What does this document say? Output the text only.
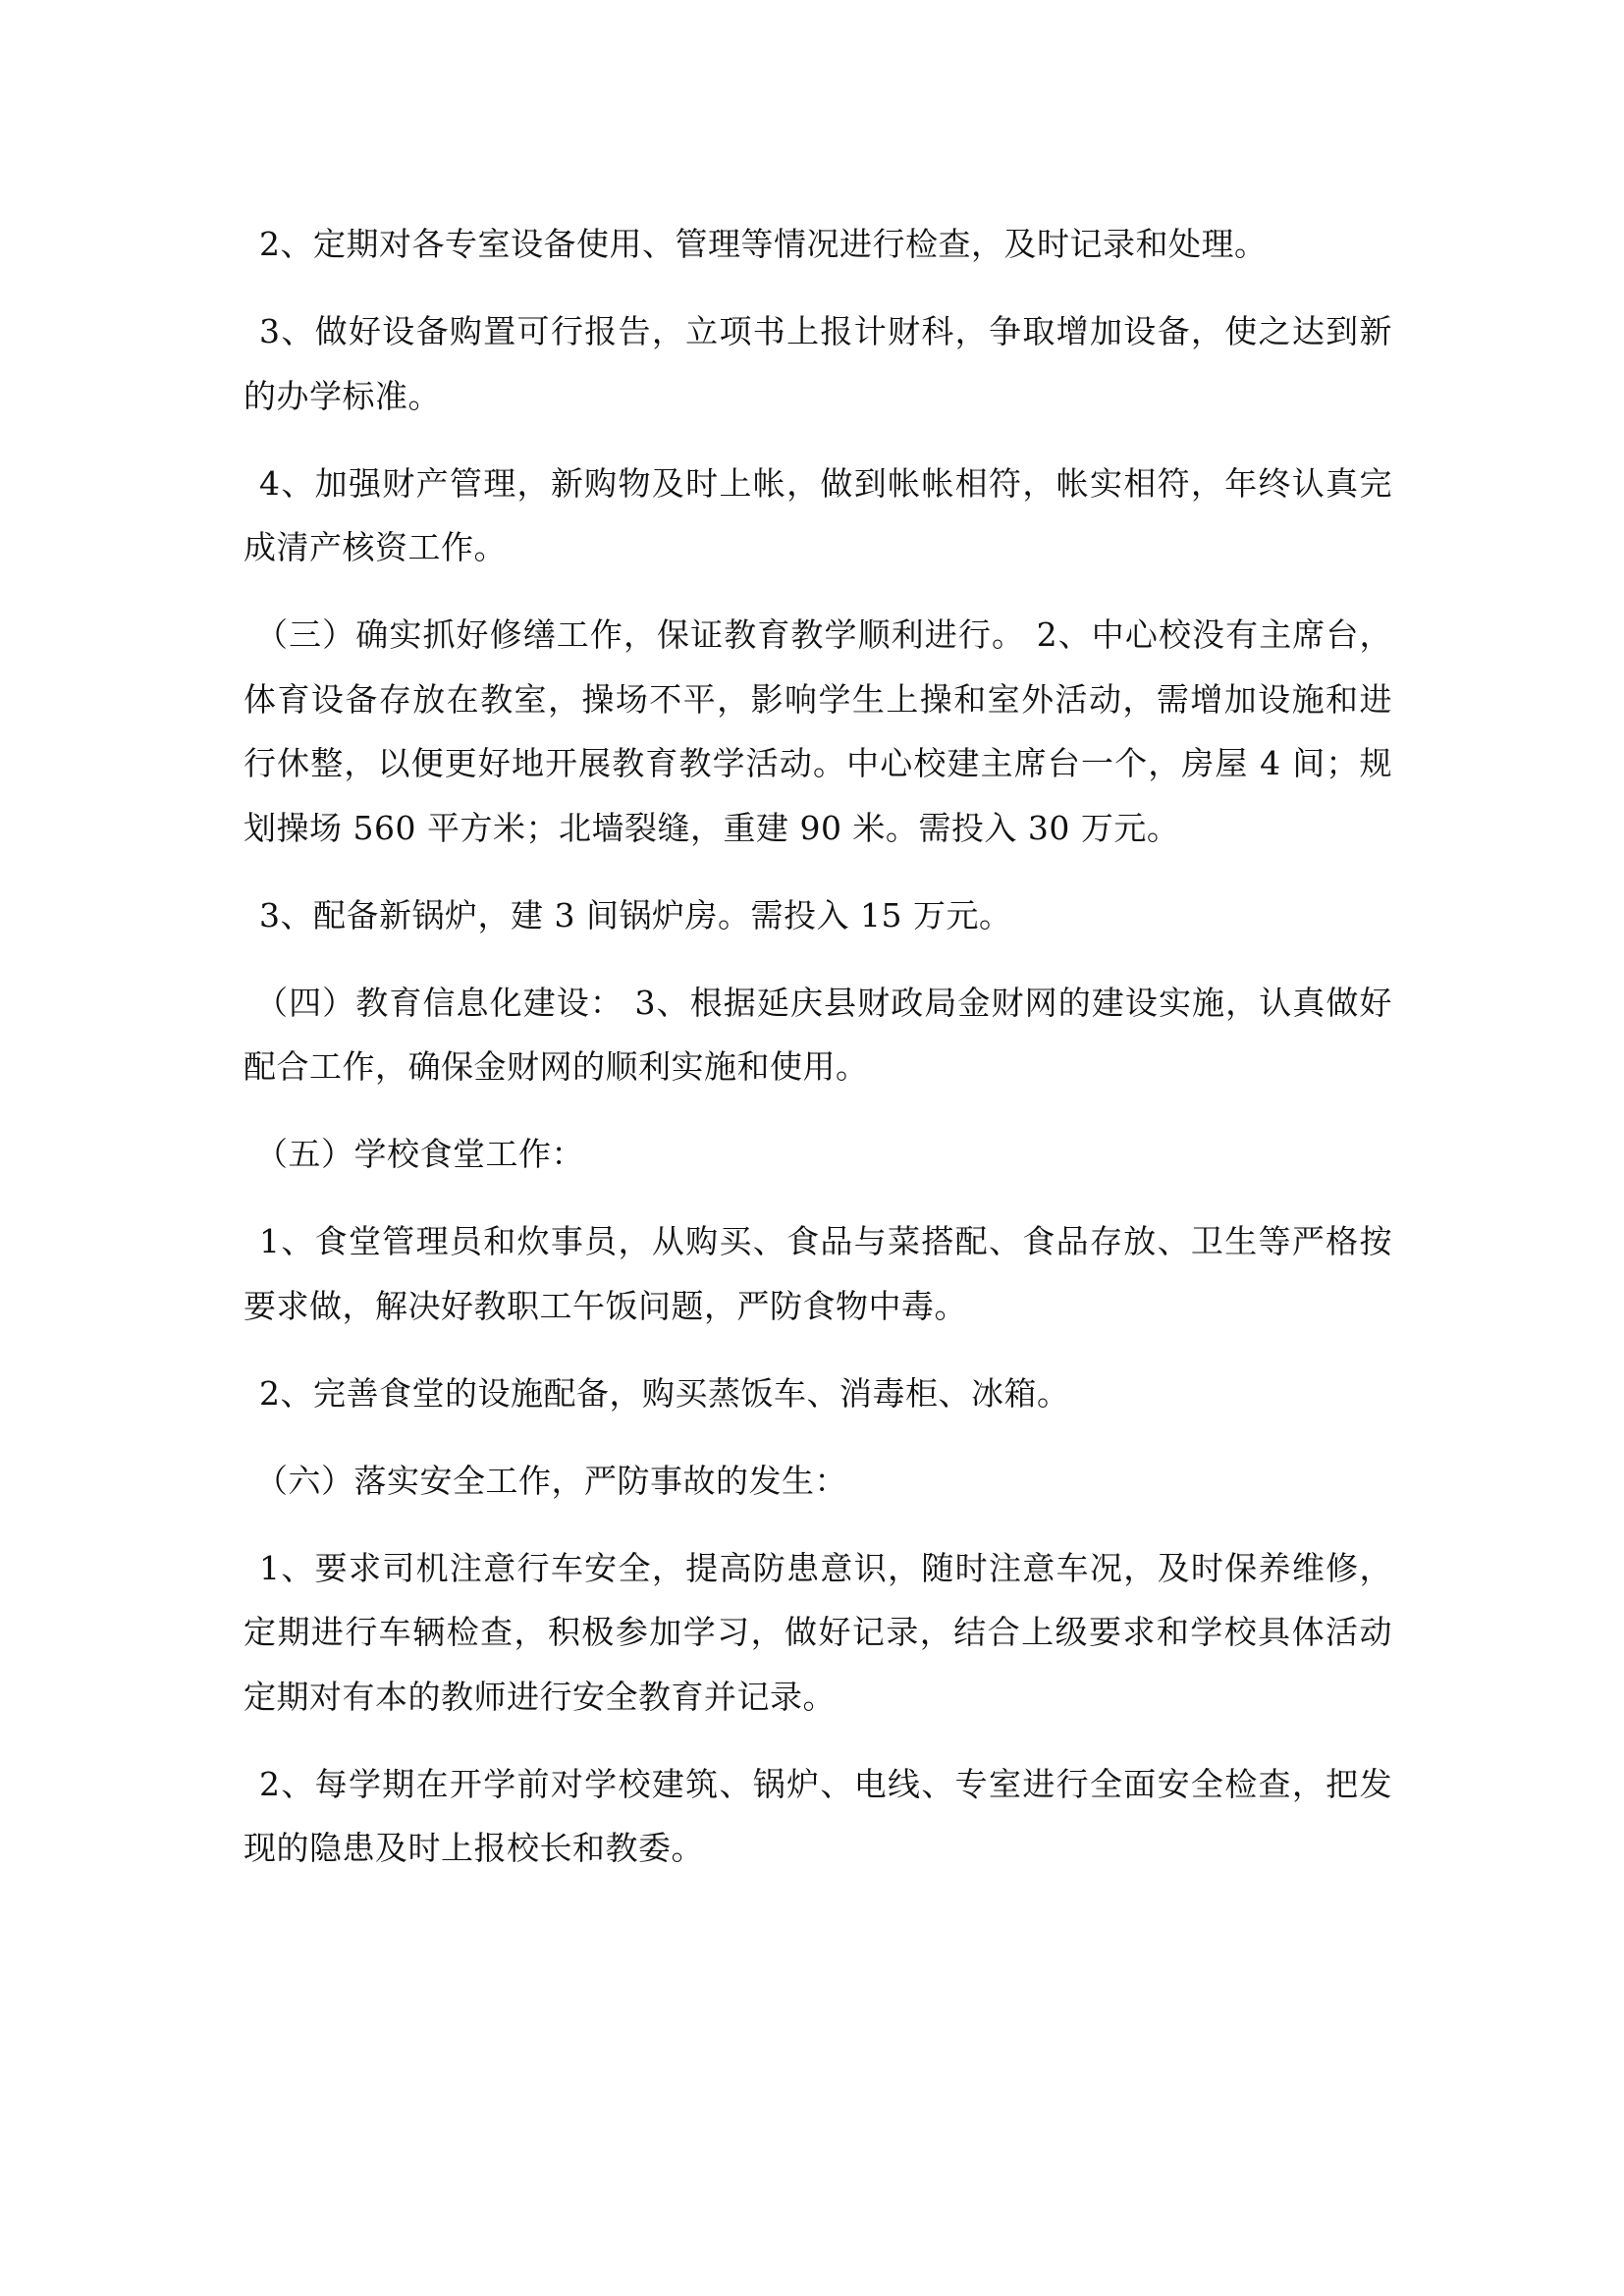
2、定期对各专室设备使用、管理等情况进行检查，及时记录和处理。

3、做好设备购置可行报告，立项书上报计财科，争取增加设备，使之达到新的办学标准。

4、加强财产管理，新购物及时上帐，做到帐帐相符，帐实相符，年终认真完成清产核资工作。

（三）确实抓好修缮工作，保证教育教学顺利进行。 2、中心校没有主席台，体育设备存放在教室，操场不平，影响学生上操和室外活动，需增加设施和进行休整，以便更好地开展教育教学活动。中心校建主席台一个，房屋 4 间；规划操场 560 平方米；北墙裂缝，重建 90 米。需投入 30 万元。

3、配备新锅炉，建 3 间锅炉房。需投入 15 万元。

（四）教育信息化建设： 3、根据延庆县财政局金财网的建设实施，认真做好配合工作，确保金财网的顺利实施和使用。

（五）学校食堂工作：

1、食堂管理员和炊事员，从购买、食品与菜搭配、食品存放、卫生等严格按要求做，解决好教职工午饭问题，严防食物中毒。

2、完善食堂的设施配备，购买蒸饭车、消毒柜、冰箱。

（六）落实安全工作，严防事故的发生：

1、要求司机注意行车安全，提高防患意识，随时注意车况，及时保养维修，定期进行车辆检查，积极参加学习，做好记录，结合上级要求和学校具体活动定期对有本的教师进行安全教育并记录。

2、每学期在开学前对学校建筑、锅炉、电线、专室进行全面安全检查，把发现的隐患及时上报校长和教委。
